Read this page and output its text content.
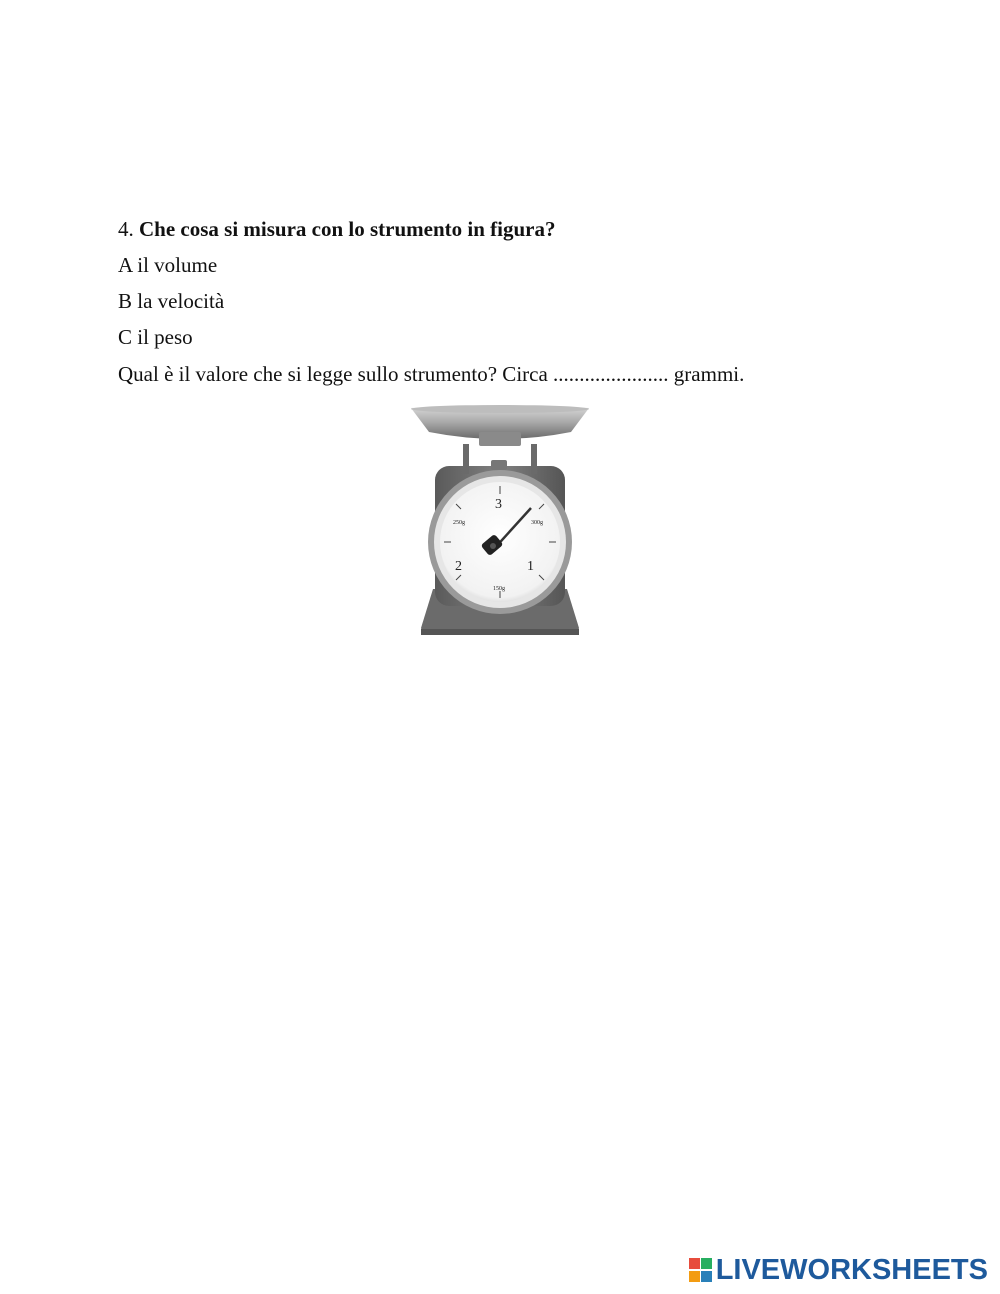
4. Che cosa si misura con lo strumento in figura?
A il volume
B la velocità
C il peso
Qual è il valore che si legge sullo strumento? Circa ...................... grammi.
3
2	1
250g	300g
150g
LIVEWORKSHEETS
